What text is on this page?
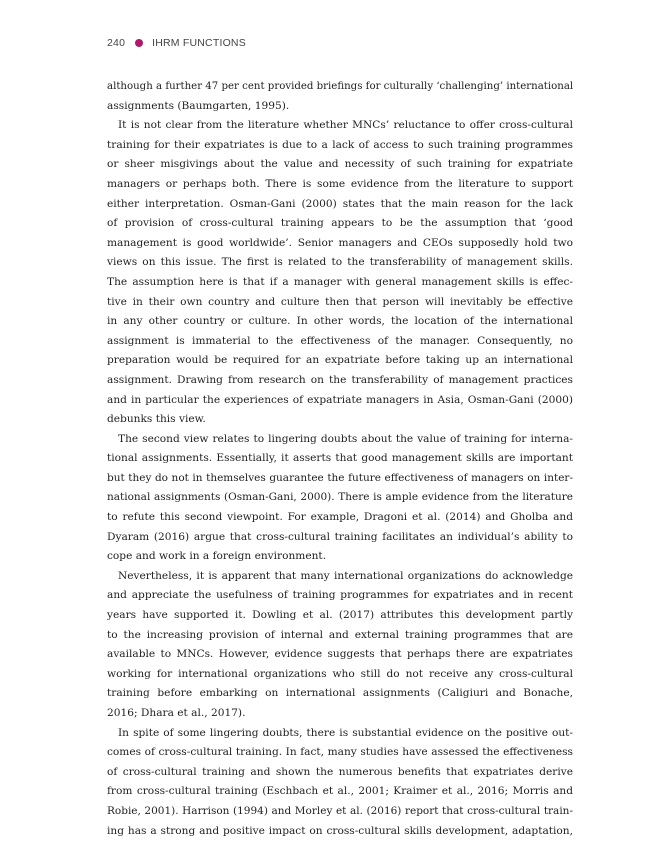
240	IHRM FUNCTIONS
although a further 47 per cent provided briefings for culturally ‘challenging’ international
assignments (Baumgarten, 1995).
It is not clear from the literature whether MNCs’ reluctance to offer cross-cultural
training for their expatriates is due to a lack of access to such training programmes
or sheer misgivings about the value and necessity of such training for expatriate
managers or perhaps both. There is some evidence from the literature to support
either interpretation. Osman-Gani (2000) states that the main reason for the lack
of provision of cross-cultural training appears to be the assumption that ‘good
management is good worldwide’. Senior managers and CEOs supposedly hold two
views on this issue. The first is related to the transferability of management skills.
The assumption here is that if a manager with general management skills is effec-
tive in their own country and culture then that person will inevitably be effective
in any other country or culture. In other words, the location of the international
assignment is immaterial to the effectiveness of the manager. Consequently, no
preparation would be required for an expatriate before taking up an international
assignment. Drawing from research on the transferability of management practices
and in particular the experiences of expatriate managers in Asia, Osman-Gani (2000)
debunks this view.
The second view relates to lingering doubts about the value of training for interna-
tional assignments. Essentially, it asserts that good management skills are important
but they do not in themselves guarantee the future effectiveness of managers on inter-
national assignments (Osman-Gani, 2000). There is ample evidence from the literature
to refute this second viewpoint. For example, Dragoni et al. (2014) and Gholba and
Dyaram (2016) argue that cross-cultural training facilitates an individual’s ability to
cope and work in a foreign environment.
Nevertheless, it is apparent that many international organizations do acknowledge
and appreciate the usefulness of training programmes for expatriates and in recent
years have supported it. Dowling et al. (2017) attributes this development partly
to the increasing provision of internal and external training programmes that are
available to MNCs. However, evidence suggests that perhaps there are expatriates
working for international organizations who still do not receive any cross-cultural
training before embarking on international assignments (Caligiuri and Bonache,
2016; Dhara et al., 2017).
In spite of some lingering doubts, there is substantial evidence on the positive out-
comes of cross-cultural training. In fact, many studies have assessed the effectiveness
of cross-cultural training and shown the numerous benefits that expatriates derive
from cross-cultural training (Eschbach et al., 2001; Kraimer et al., 2016; Morris and
Robie, 2001). Harrison (1994) and Morley et al. (2016) report that cross-cultural train-
ing has a strong and positive impact on cross-cultural skills development, adaptation,
